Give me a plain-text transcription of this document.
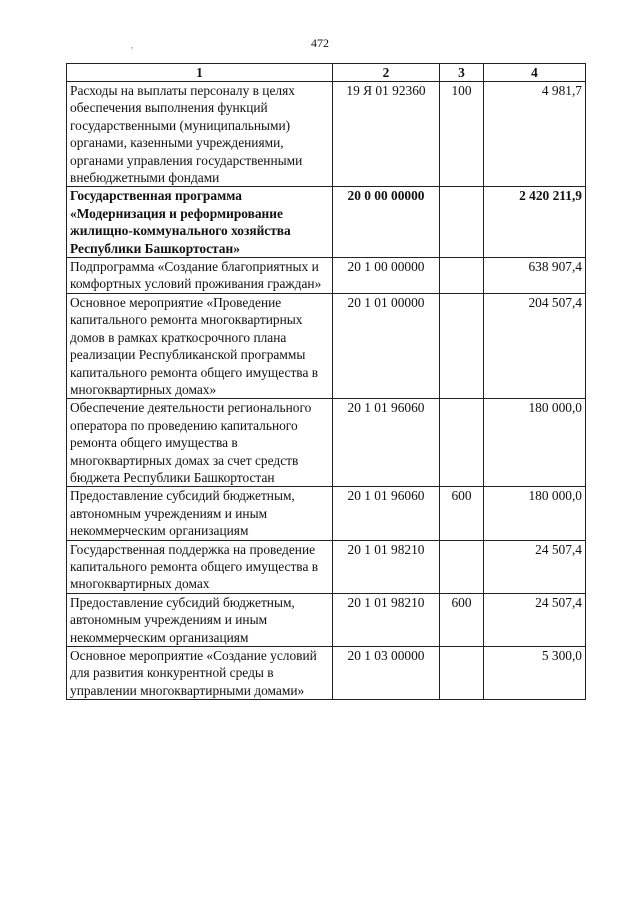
472
,
1	2	3	4
Расходы на выплаты персоналу в целях обеспечения выполнения функций государственными (муниципальными) органами, казенными учреждениями, органами управления государственными внебюджетными фондами	19 Я 01 92360	100	4 981,7
Государственная программа «Модернизация и реформирование жилищно-коммунального хозяйства Республики Башкортостан»	20 0 00 00000		2 420 211,9
Подпрограмма «Создание благоприятных и комфортных условий проживания граждан»	20 1 00 00000		638 907,4
Основное мероприятие «Проведение капитального ремонта многоквартирных домов в рамках краткосрочного плана реализации Республиканской программы капитального ремонта общего имущества в многоквартирных домах»	20 1 01 00000		204 507,4
Обеспечение деятельности регионального оператора по проведению капитального ремонта общего имущества в многоквартирных домах за счет средств бюджета Республики Башкортостан	20 1 01 96060		180 000,0
Предоставление субсидий бюджетным, автономным учреждениям и иным некоммерческим организациям	20 1 01 96060	600	180 000,0
Государственная поддержка на проведение капитального ремонта общего имущества в многоквартирных домах	20 1 01 98210		24 507,4
Предоставление субсидий бюджетным, автономным учреждениям и иным некоммерческим организациям	20 1 01 98210	600	24 507,4
Основное мероприятие «Создание условий для развития конкурентной среды в управлении многоквартирными домами»	20 1 03 00000		5 300,0
